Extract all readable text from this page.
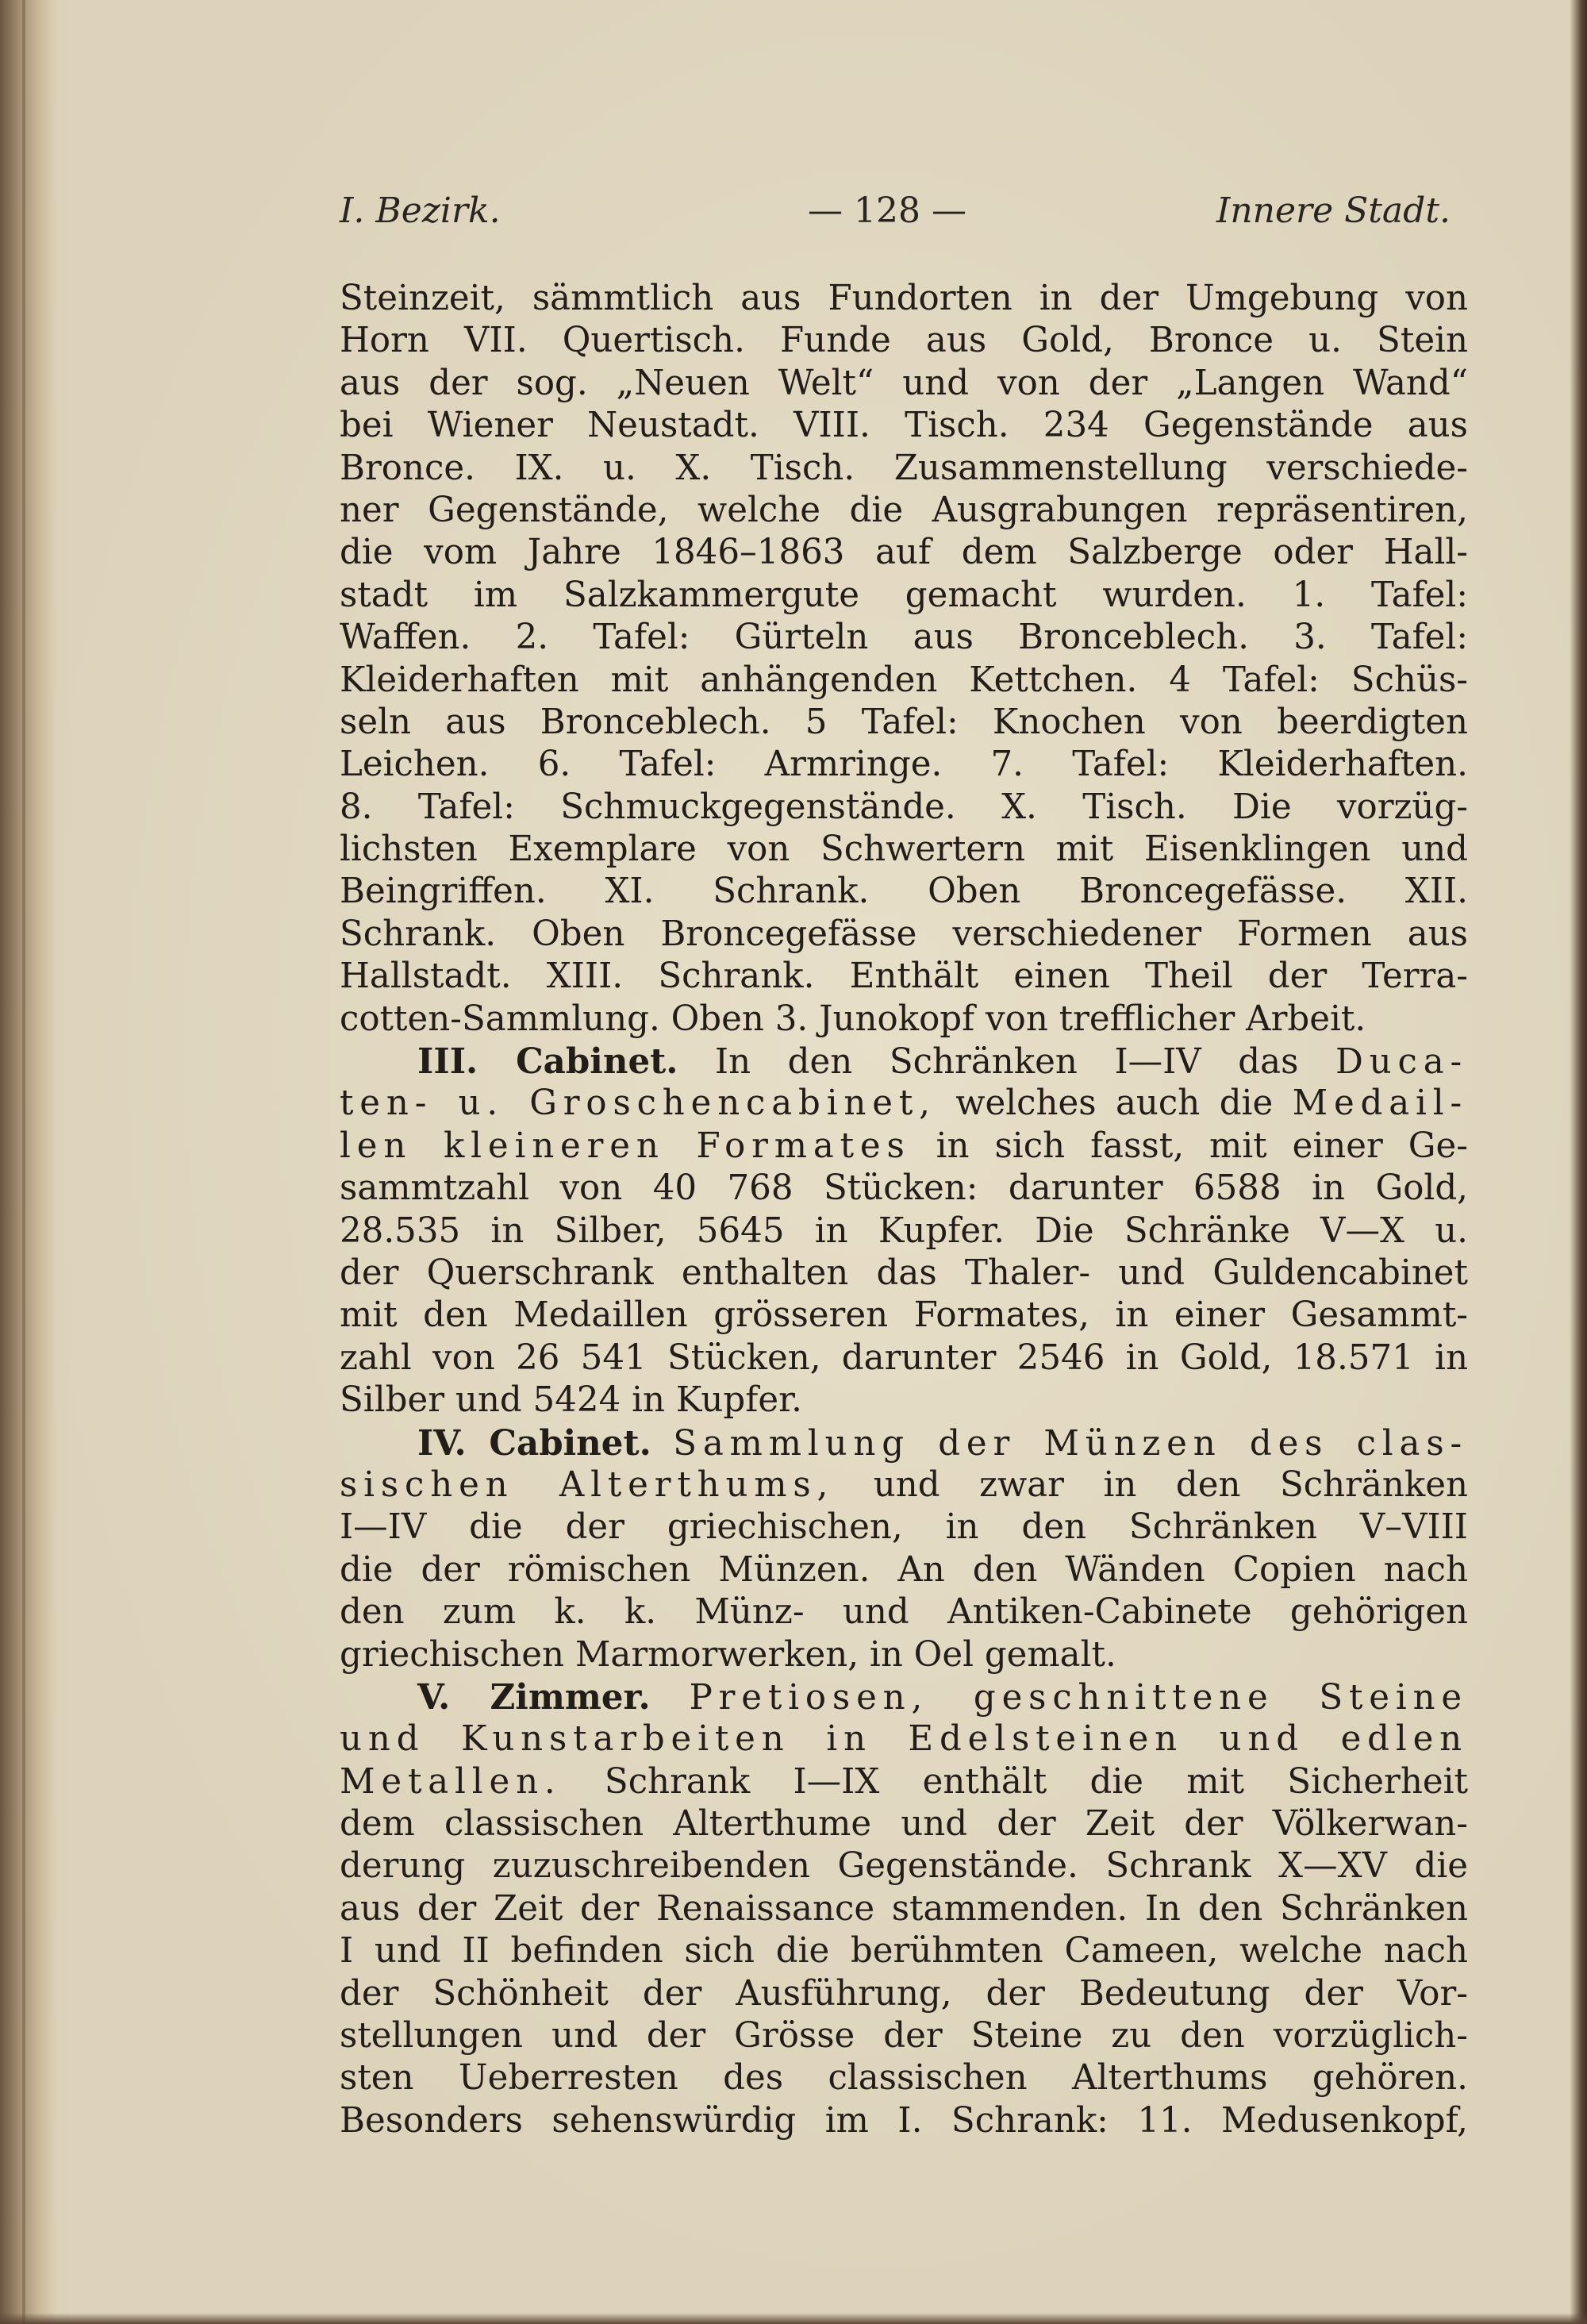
I. Bezirk.	— 128 —	Innere Stadt.
Steinzeit, sämmtlich aus Fundorten in der Umgebung von
Horn VII. Quertisch. Funde aus Gold, Bronce u. Stein
aus der sog. „Neuen Welt“ und von der „Langen Wand“
bei Wiener Neustadt. VIII. Tisch. 234 Gegenstände aus
Bronce. IX. u. X. Tisch. Zusammenstellung verschiede-
ner Gegenstände, welche die Ausgrabungen repräsentiren,
die vom Jahre 1846–1863 auf dem Salzberge oder Hall-
stadt im Salzkammergute gemacht wurden. 1. Tafel:
Waffen. 2. Tafel: Gürteln aus Bronceblech. 3. Tafel:
Kleiderhaften mit anhängenden Kettchen. 4 Tafel: Schüs-
seln aus Bronceblech. 5 Tafel: Knochen von beerdigten
Leichen. 6. Tafel: Armringe. 7. Tafel: Kleiderhaften.
8. Tafel: Schmuckgegenstände. X. Tisch. Die vorzüg-
lichsten Exemplare von Schwertern mit Eisenklingen und
Beingriffen. XI. Schrank. Oben Broncegefässe. XII.
Schrank. Oben Broncegefässe verschiedener Formen aus
Hallstadt. XIII. Schrank. Enthält einen Theil der Terra-
cotten-Sammlung. Oben 3. Junokopf von trefflicher Arbeit.
III. Cabinet. In den Schränken I—IV das Duca-
ten- u. Groschencabinet, welches auch die Medail-
len kleineren Formates in sich fasst, mit einer Ge-
sammtzahl von 40 768 Stücken: darunter 6588 in Gold,
28.535 in Silber, 5645 in Kupfer. Die Schränke V—X u.
der Querschrank enthalten das Thaler- und Guldencabinet
mit den Medaillen grösseren Formates, in einer Gesammt-
zahl von 26 541 Stücken, darunter 2546 in Gold, 18.571 in
Silber und 5424 in Kupfer.
IV. Cabinet. Sammlung der Münzen des clas-
sischen Alterthums, und zwar in den Schränken
I—IV die der griechischen, in den Schränken V–VIII
die der römischen Münzen. An den Wänden Copien nach
den zum k. k. Münz- und Antiken-Cabinete gehörigen
griechischen Marmorwerken, in Oel gemalt.
V. Zimmer. Pretiosen, geschnittene Steine
und Kunstarbeiten in Edelsteinen und edlen
Metallen. Schrank I—IX enthält die mit Sicherheit
dem classischen Alterthume und der Zeit der Völkerwan-
derung zuzuschreibenden Gegenstände. Schrank X—XV die
aus der Zeit der Renaissance stammenden. In den Schränken
I und II befinden sich die berühmten Cameen, welche nach
der Schönheit der Ausführung, der Bedeutung der Vor-
stellungen und der Grösse der Steine zu den vorzüglich-
sten Ueberresten des classischen Alterthums gehören.
Besonders sehenswürdig im I. Schrank: 11. Medusenkopf,
